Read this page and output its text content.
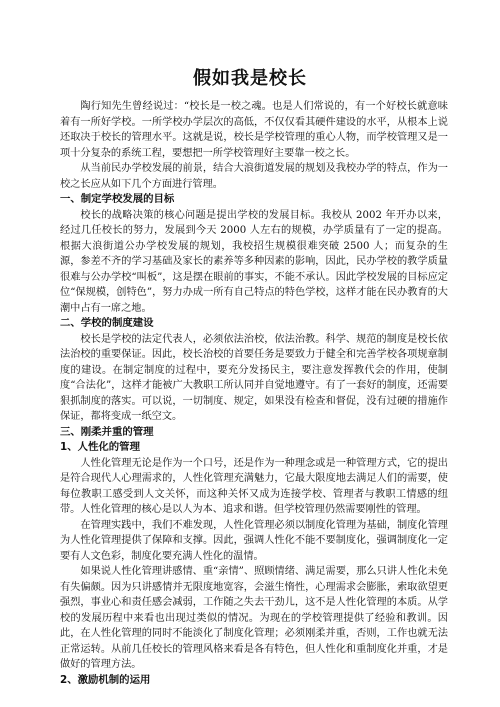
假如我是校长

陶行知先生曾经说过：“校长是一校之魂。也是人们常说的，有一个好校长就意味着有一所好学校。一所学校办学层次的高低，不仅仅看其硬件建设的水平，从根本上说还取决于校长的管理水平。这就是说，校长是学校管理的重心人物，而学校管理又是一项十分复杂的系统工程，要想把一所学校管理好主要靠一校之长。

从当前民办学校发展的前景，结合大浪街道发展的规划及我校办学的特点，作为一校之长应从如下几个方面进行管理。

一、制定学校发展的目标

校长的战略决策的核心问题是提出学校的发展目标。我校从 2002 年开办以来，经过几任校长的努力，发展到今天 2000 人左右的规模，办学质量有了一定的提高。根据大浪街道公办学校发展的规划，我校招生规模很难突破 2500 人；而复杂的生源，参差不齐的学习基础及家长的素养等多种因素的影响，因此，民办学校的教学质量很难与公办学校“叫板”，这是摆在眼前的事实，不能不承认。因此学校发展的目标应定位“保规模，创特色”，努力办成一所有自己特点的特色学校，这样才能在民办教育的大潮中占有一席之地。

二、学校的制度建设

校长是学校的法定代表人，必须依法治校，依法治教。科学、规范的制度是校长依法治校的重要保证。因此，校长治校的首要任务是要致力于健全和完善学校各项规章制度的建设。在制定制度的过程中，要充分发扬民主，要注意发挥教代会的作用，使制度“合法化”，这样才能被广大教职工所认同并自觉地遵守。有了一套好的制度，还需要狠抓制度的落实。可以说，一切制度、规定，如果没有检查和督促，没有过硬的措施作保证，都将变成一纸空文。

三、刚柔并重的管理
1、人性化的管理

人性化管理无论是作为一个口号，还是作为一种理念或是一种管理方式，它的提出是符合现代人心理需求的，人性化管理充满魅力，它最大限度地去满足人们的需要，使每位教职工感受到人文关怀，而这种关怀又成为连接学校、管理者与教职工情感的纽带。人性化管理的核心是以人为本、追求和谐。但学校管理仍然需要刚性的管理。

在管理实践中，我们不难发现，人性化管理必须以制度化管理为基础，制度化管理为人性化管理提供了保障和支撑。因此，强调人性化不能不要制度化，强调制度化一定要有人文色彩，制度化要充满人性化的温情。

如果说人性化管理讲感情、重“亲情”、照顾情绪、满足需要，那么只讲人性化未免有失偏颇。因为只讲感情并无限度地宽容，会滋生惰性，心理需求会膨胀，索取欲望更强烈，事业心和责任感会减弱，工作随之失去干劲儿，这不是人性化管理的本质。从学校的发展历程中来看也出现过类似的情况。为现在的学校管理提供了经验和教训。因此，在人性化管理的同时不能淡化了制度化管理；必须刚柔并重，否则，工作也就无法正常运转。从前几任校长的管理风格来看是各有特色，但人性化和重制度化并重，才是做好的管理方法。

2、激励机制的运用
